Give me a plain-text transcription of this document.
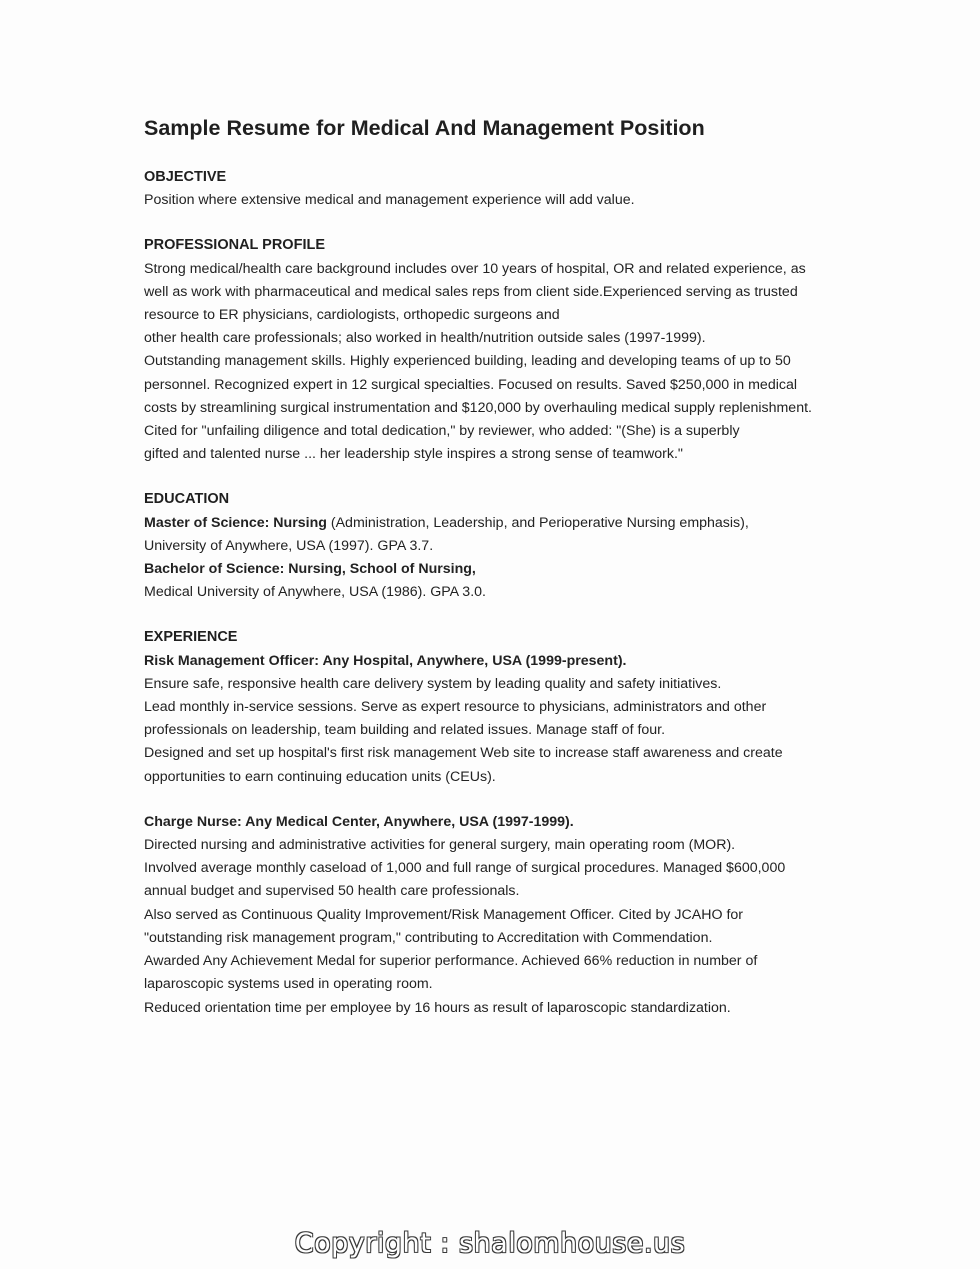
Sample Resume for Medical And Management Position
OBJECTIVE
Position where extensive medical and management experience will add value.
PROFESSIONAL PROFILE
Strong medical/health care background includes over 10 years of hospital, OR and related experience, as
well as work with pharmaceutical and medical sales reps from client side.Experienced serving as trusted
resource to ER physicians, cardiologists, orthopedic surgeons and
other health care professionals; also worked in health/nutrition outside sales (1997-1999).
Outstanding management skills. Highly experienced building, leading and developing teams of up to 50
personnel. Recognized expert in 12 surgical specialties. Focused on results. Saved $250,000 in medical
costs by streamlining surgical instrumentation and $120,000 by overhauling medical supply replenishment.
Cited for "unfailing diligence and total dedication," by reviewer, who added: "(She) is a superbly
gifted and talented nurse ... her leadership style inspires a strong sense of teamwork."
EDUCATION
Master of Science: Nursing (Administration, Leadership, and Perioperative Nursing emphasis),
University of Anywhere, USA (1997). GPA 3.7.
Bachelor of Science: Nursing, School of Nursing,
Medical University of Anywhere, USA (1986). GPA 3.0.
EXPERIENCE
Risk Management Officer: Any Hospital, Anywhere, USA (1999-present).
Ensure safe, responsive health care delivery system by leading quality and safety initiatives.
Lead monthly in-service sessions. Serve as expert resource to physicians, administrators and other
professionals on leadership, team building and related issues. Manage staff of four.
Designed and set up hospital's first risk management Web site to increase staff awareness and create
opportunities to earn continuing education units (CEUs).
Charge Nurse: Any Medical Center, Anywhere, USA (1997-1999).
Directed nursing and administrative activities for general surgery, main operating room (MOR).
Involved average monthly caseload of 1,000 and full range of surgical procedures. Managed $600,000
annual budget and supervised 50 health care professionals.
Also served as Continuous Quality Improvement/Risk Management Officer. Cited by JCAHO for
"outstanding risk management program," contributing to Accreditation with Commendation.
Awarded Any Achievement Medal for superior performance. Achieved 66% reduction in number of
laparoscopic systems used in operating room.
Reduced orientation time per employee by 16 hours as result of laparoscopic standardization.
Copyright : shalomhouse.us
